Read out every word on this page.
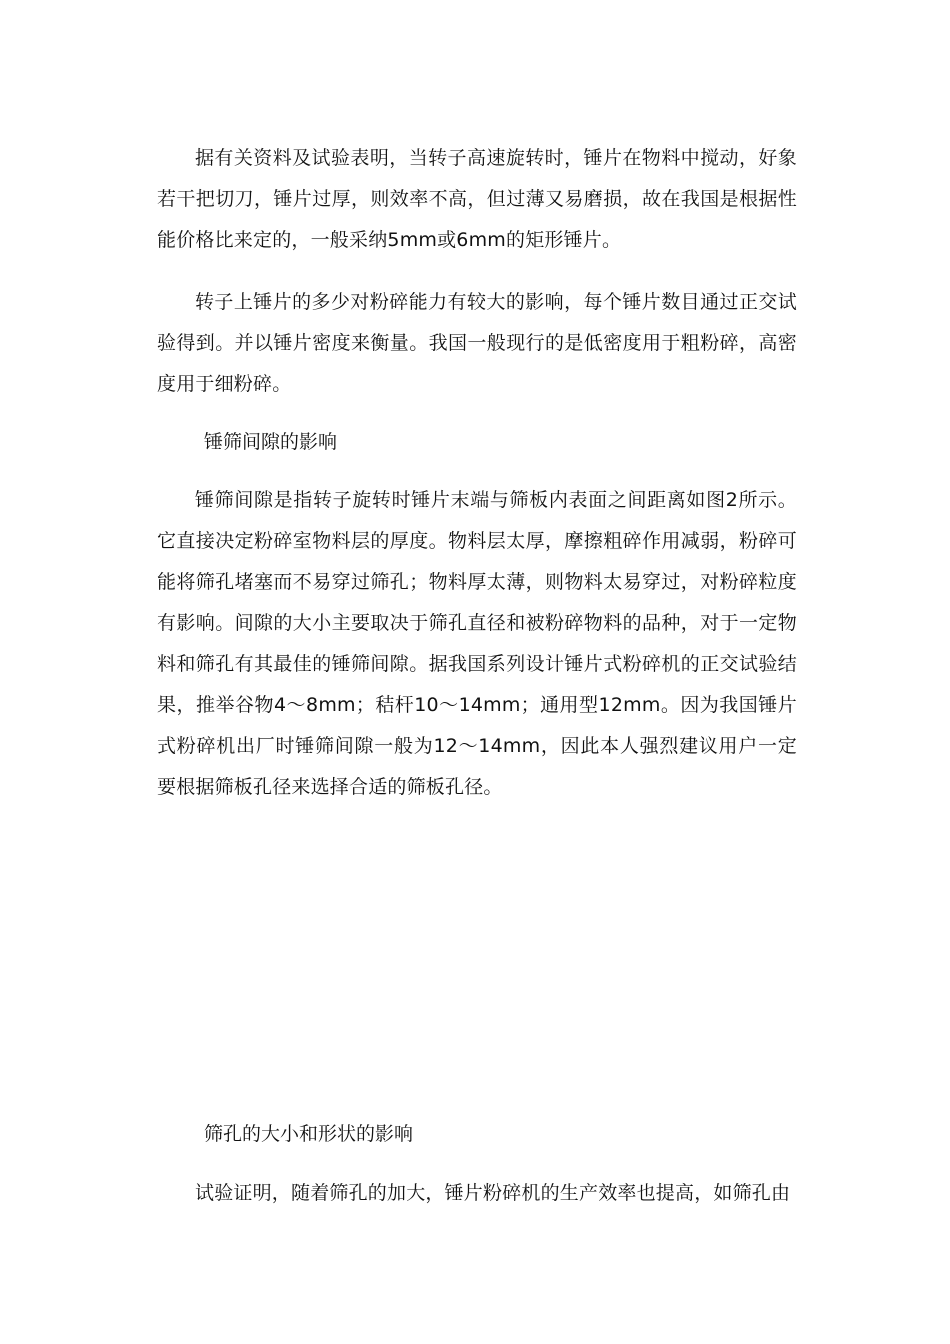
据有关资料及试验表明，当转子高速旋转时，锤片在物料中搅动，好象若干把切刀，锤片过厚，则效率不高，但过薄又易磨损，故在我国是根据性能价格比来定的，一般采纳5mm或6mm的矩形锤片。

转子上锤片的多少对粉碎能力有较大的影响，每个锤片数目通过正交试验得到。并以锤片密度来衡量。我国一般现行的是低密度用于粗粉碎，高密度用于细粉碎。

锤筛间隙的影响

锤筛间隙是指转子旋转时锤片末端与筛板内表面之间距离如图2所示。它直接决定粉碎室物料层的厚度。物料层太厚，摩擦粗碎作用减弱，粉碎可能将筛孔堵塞而不易穿过筛孔；物料厚太薄，则物料太易穿过，对粉碎粒度有影响。间隙的大小主要取决于筛孔直径和被粉碎物料的品种，对于一定物料和筛孔有其最佳的锤筛间隙。据我国系列设计锤片式粉碎机的正交试验结果，推举谷物4～8mm；秸杆10～14mm；通用型12mm。因为我国锤片式粉碎机出厂时锤筛间隙一般为12～14mm，因此本人强烈建议用户一定要根据筛板孔径来选择合适的筛板孔径。

筛孔的大小和形状的影响

试验证明，随着筛孔的加大，锤片粉碎机的生产效率也提高，如筛孔由
